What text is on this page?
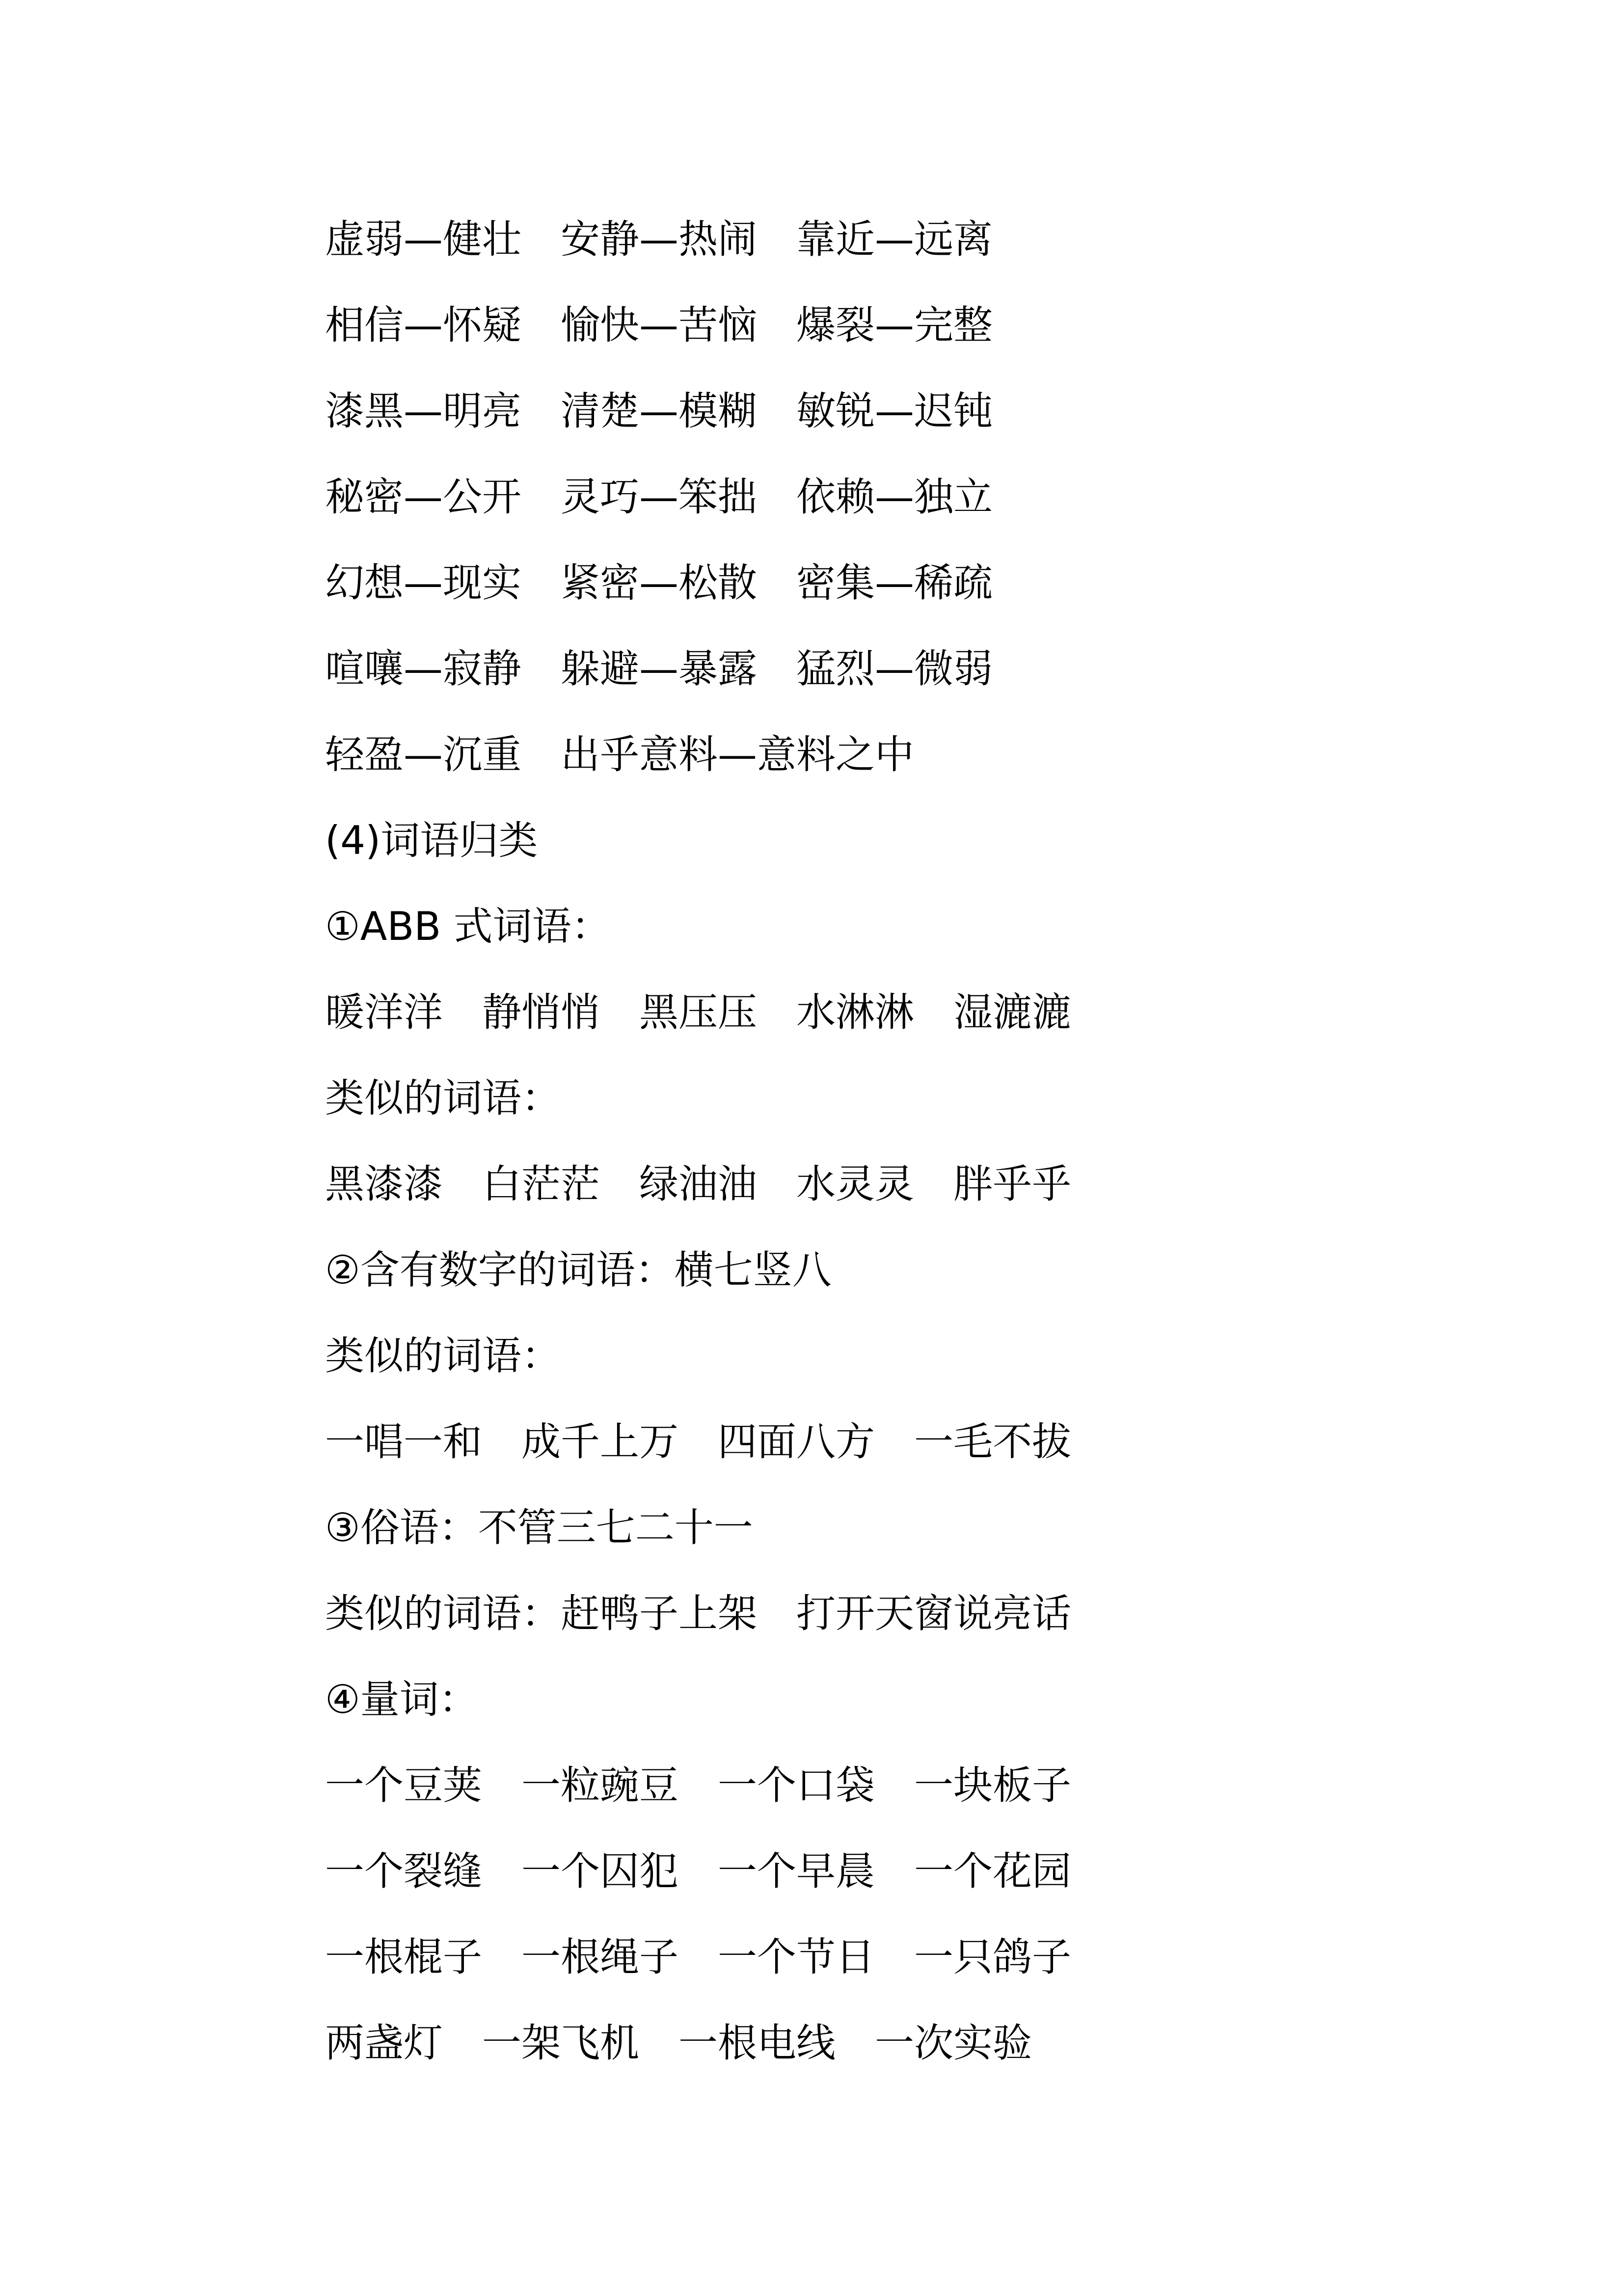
虚弱—健壮　安静—热闹　靠近—远离
相信—怀疑　愉快—苦恼　爆裂—完整
漆黑—明亮　清楚—模糊　敏锐—迟钝
秘密—公开　灵巧—笨拙　依赖—独立
幻想—现实　紧密—松散　密集—稀疏
喧嚷—寂静　躲避—暴露　猛烈—微弱
轻盈—沉重　出乎意料—意料之中
(4)词语归类
①ABB 式词语：
暖洋洋　静悄悄　黑压压　水淋淋　湿漉漉
类似的词语：
黑漆漆　白茫茫　绿油油　水灵灵　胖乎乎
②含有数字的词语：横七竖八
类似的词语：
一唱一和　成千上万　四面八方　一毛不拔
③俗语：不管三七二十一
类似的词语：赶鸭子上架　打开天窗说亮话
④量词：
一个豆荚　一粒豌豆　一个口袋　一块板子
一个裂缝　一个囚犯　一个早晨　一个花园
一根棍子　一根绳子　一个节日　一只鸽子
两盏灯　一架飞机　一根电线　一次实验
